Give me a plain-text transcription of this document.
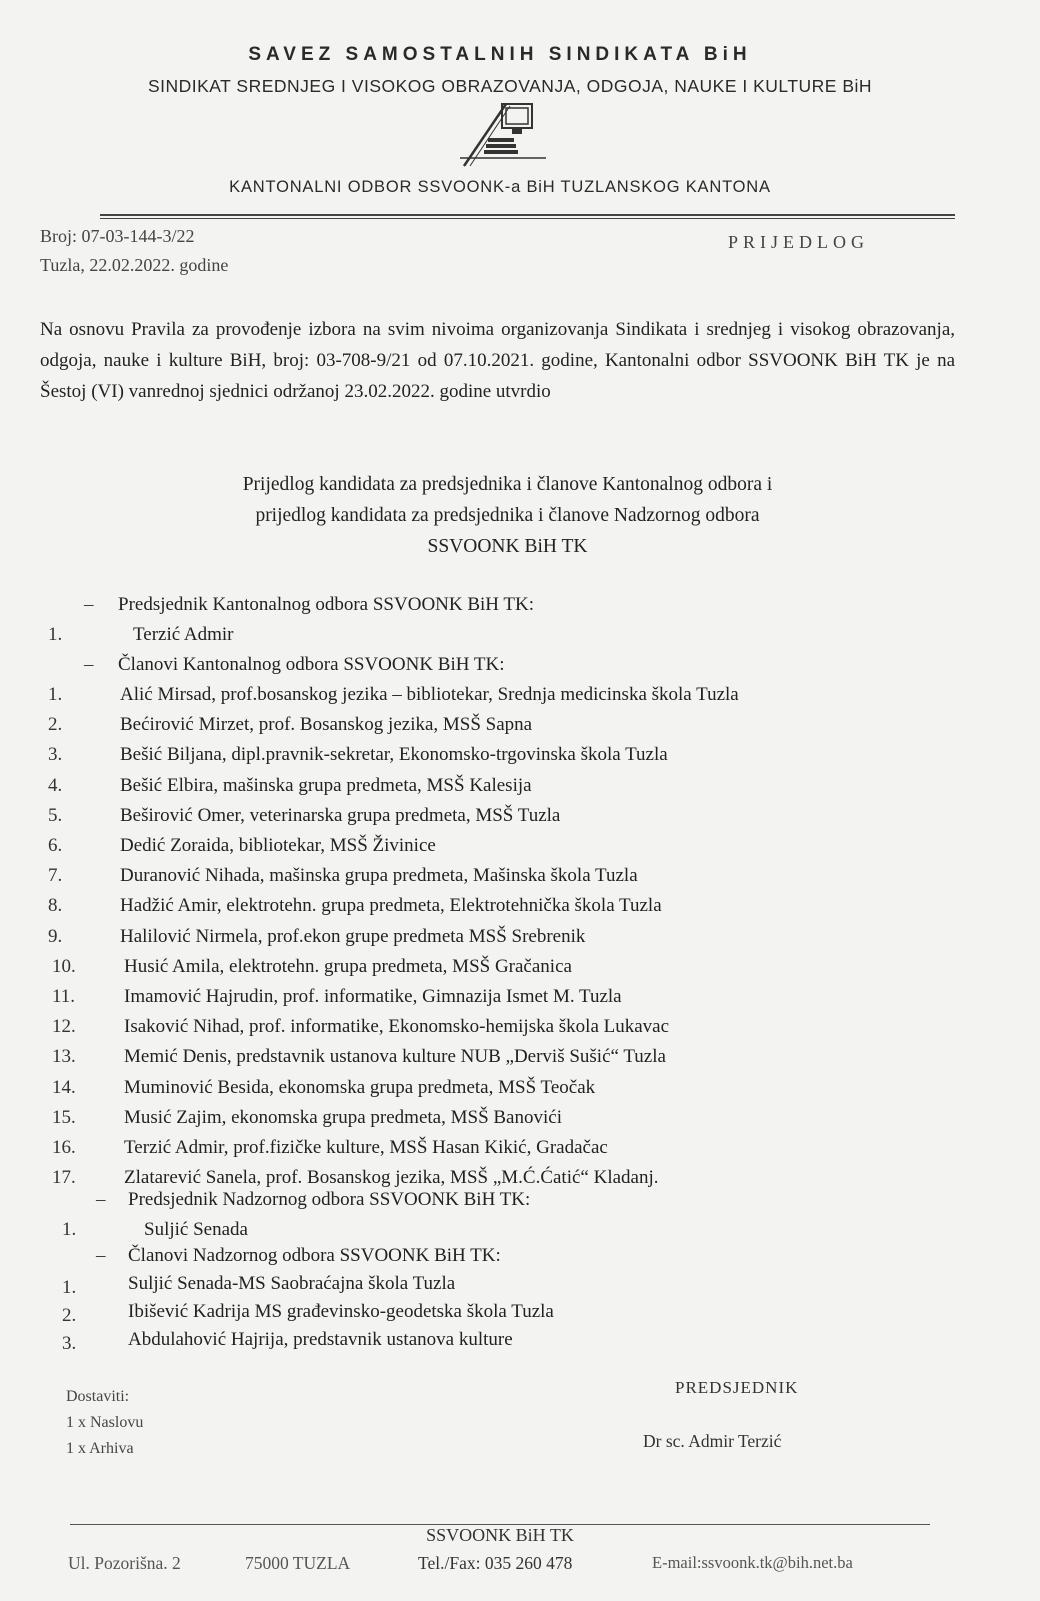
SAVEZ SAMOSTALNIH SINDIKATA BiH
SINDIKAT SREDNJEG I VISOKOG OBRAZOVANJA, ODGOJA, NAUKE I KULTURE BiH
KANTONALNI ODBOR SSVOONK-a BiH TUZLANSKOG KANTONA
Broj: 07-03-144-3/22
Tuzla, 22.02.2022. godine
PRIJEDLOG
Na osnovu Pravila za provođenje izbora na svim nivoima organizovanja Sindikata i srednjeg i visokog obrazovanja, odgoja, nauke i kulture BiH, broj: 03-708-9/21 od 07.10.2021. godine, Kantonalni odbor SSVOONK BiH TK je na Šestoj (VI) vanrednoj sjednici održanoj 23.02.2022. godine utvrdio
Prijedlog kandidata za predsjednika i članove Kantonalnog odbora i
prijedlog kandidata za predsjednika i članove Nadzornog odbora
SSVOONK BiH TK
– Predsjednik Kantonalnog odbora SSVOONK BiH TK:
1.	Terzić Admir
– Članovi Kantonalnog odbora SSVOONK BiH TK:
1.	Alić Mirsad, prof.bosanskog jezika – bibliotekar, Srednja medicinska škola Tuzla
2.	Bećirović Mirzet, prof. Bosanskog jezika, MSŠ Sapna
3.	Bešić Biljana, dipl.pravnik-sekretar, Ekonomsko-trgovinska škola Tuzla
4.	Bešić Elbira, mašinska grupa predmeta, MSŠ Kalesija
5.	Beširović Omer, veterinarska grupa predmeta, MSŠ Tuzla
6.	Dedić Zoraida, bibliotekar, MSŠ Živinice
7.	Duranović Nihada, mašinska grupa predmeta, Mašinska škola Tuzla
8.	Hadžić Amir, elektrotehn. grupa predmeta, Elektrotehnička škola Tuzla
9.	Halilović Nirmela, prof.ekon grupe predmeta MSŠ Srebrenik
10.	Husić Amila, elektrotehn. grupa predmeta, MSŠ Gračanica
11.	Imamović Hajrudin, prof. informatike, Gimnazija Ismet M. Tuzla
12.	Isaković Nihad, prof. informatike, Ekonomsko-hemijska škola Lukavac
13.	Memić Denis, predstavnik ustanova kulture NUB „Derviš Sušić“ Tuzla
14.	Muminović Besida, ekonomska grupa predmeta, MSŠ Teočak
15.	Musić Zajim, ekonomska grupa predmeta, MSŠ Banovići
16.	Terzić Admir, prof.fizičke kulture, MSŠ Hasan Kikić, Gradačac
17.	Zlatarević Sanela, prof. Bosanskog jezika, MSŠ „M.Ć.Ćatić“ Kladanj.
– Predsjednik Nadzornog odbora SSVOONK BiH TK:
1.	Suljić Senada
– Članovi Nadzornog odbora SSVOONK BiH TK:
1.	Suljić Senada-MS Saobraćajna škola Tuzla
2.	Ibišević Kadrija MS građevinsko-geodetska škola Tuzla
3.	Abdulahović Hajrija, predstavnik ustanova kulture
Dostaviti:
1 x Naslovu
1 x Arhiva
PREDSJEDNIK
Dr sc. Admir Terzić
SSVOONK BiH TK
Ul. Pozorišna. 2	75000 TUZLA	Tel./Fax: 035 260 478	E-mail:ssvoonk.tk@bih.net.ba
